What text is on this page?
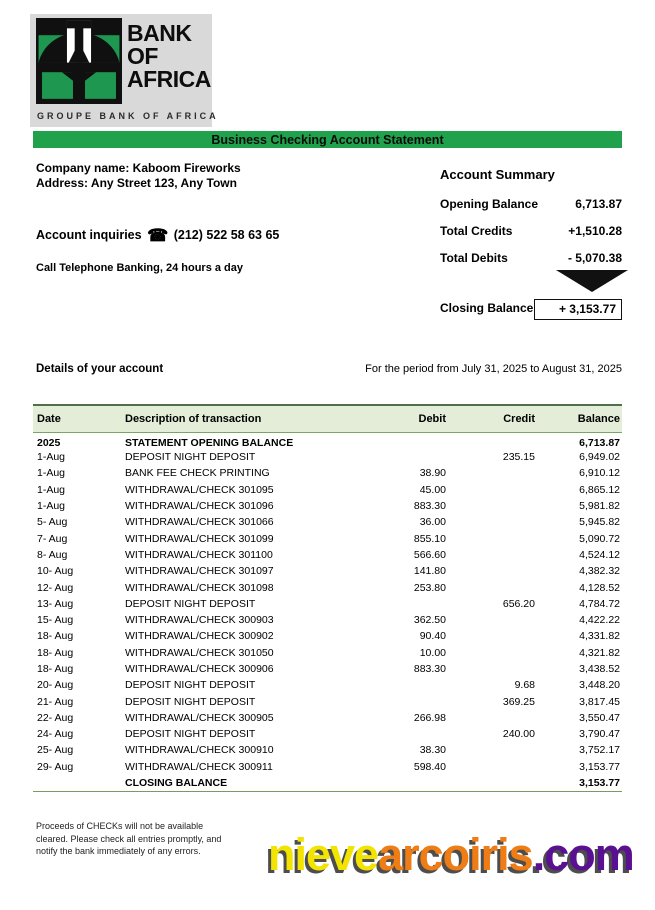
BANK
OF
AFRICA
GROUPE BANK OF AFRICA
Business Checking Account Statement
Company name: Kaboom Fireworks
Address: Any Street 123, Any Town
Account inquiries ☎ (212) 522 58 63 65
Call Telephone Banking, 24 hours a day
Account Summary
Opening Balance	6,713.87
Total Credits	+1,510.28
Total Debits	- 5,070.38
Closing Balance	+ 3,153.77
Details of your account	For the period from July 31, 2025 to August 31, 2025
Date	Description of transaction	Debit	Credit	Balance
2025	STATEMENT OPENING BALANCE			6,713.87
1-Aug	DEPOSIT NIGHT DEPOSIT		235.15	6,949.02
1-Aug	BANK FEE CHECK PRINTING	38.90		6,910.12
1-Aug	WITHDRAWAL/CHECK 301095	45.00		6,865.12
1-Aug	WITHDRAWAL/CHECK 301096	883.30		5,981.82
5- Aug	WITHDRAWAL/CHECK 301066	36.00		5,945.82
7- Aug	WITHDRAWAL/CHECK 301099	855.10		5,090.72
8- Aug	WITHDRAWAL/CHECK 301100	566.60		4,524.12
10- Aug	WITHDRAWAL/CHECK 301097	141.80		4,382.32
12- Aug	WITHDRAWAL/CHECK 301098	253.80		4,128.52
13- Aug	DEPOSIT NIGHT DEPOSIT		656.20	4,784.72
15- Aug	WITHDRAWAL/CHECK 300903	362.50		4,422.22
18- Aug	WITHDRAWAL/CHECK 300902	90.40		4,331.82
18- Aug	WITHDRAWAL/CHECK 301050	10.00		4,321.82
18- Aug	WITHDRAWAL/CHECK 300906	883.30		3,438.52
20- Aug	DEPOSIT NIGHT DEPOSIT		9.68	3,448.20
21- Aug	DEPOSIT NIGHT DEPOSIT		369.25	3,817.45
22- Aug	WITHDRAWAL/CHECK 300905	266.98		3,550.47
24- Aug	DEPOSIT NIGHT DEPOSIT		240.00	3,790.47
25- Aug	WITHDRAWAL/CHECK 300910	38.30		3,752.17
29- Aug	WITHDRAWAL/CHECK 300911	598.40		3,153.77
	CLOSING BALANCE			3,153.77
Proceeds of CHECKs will not be available
cleared. Please check all entries promptly, and
notify the bank immediately of any errors.	nievearcoiris.com
